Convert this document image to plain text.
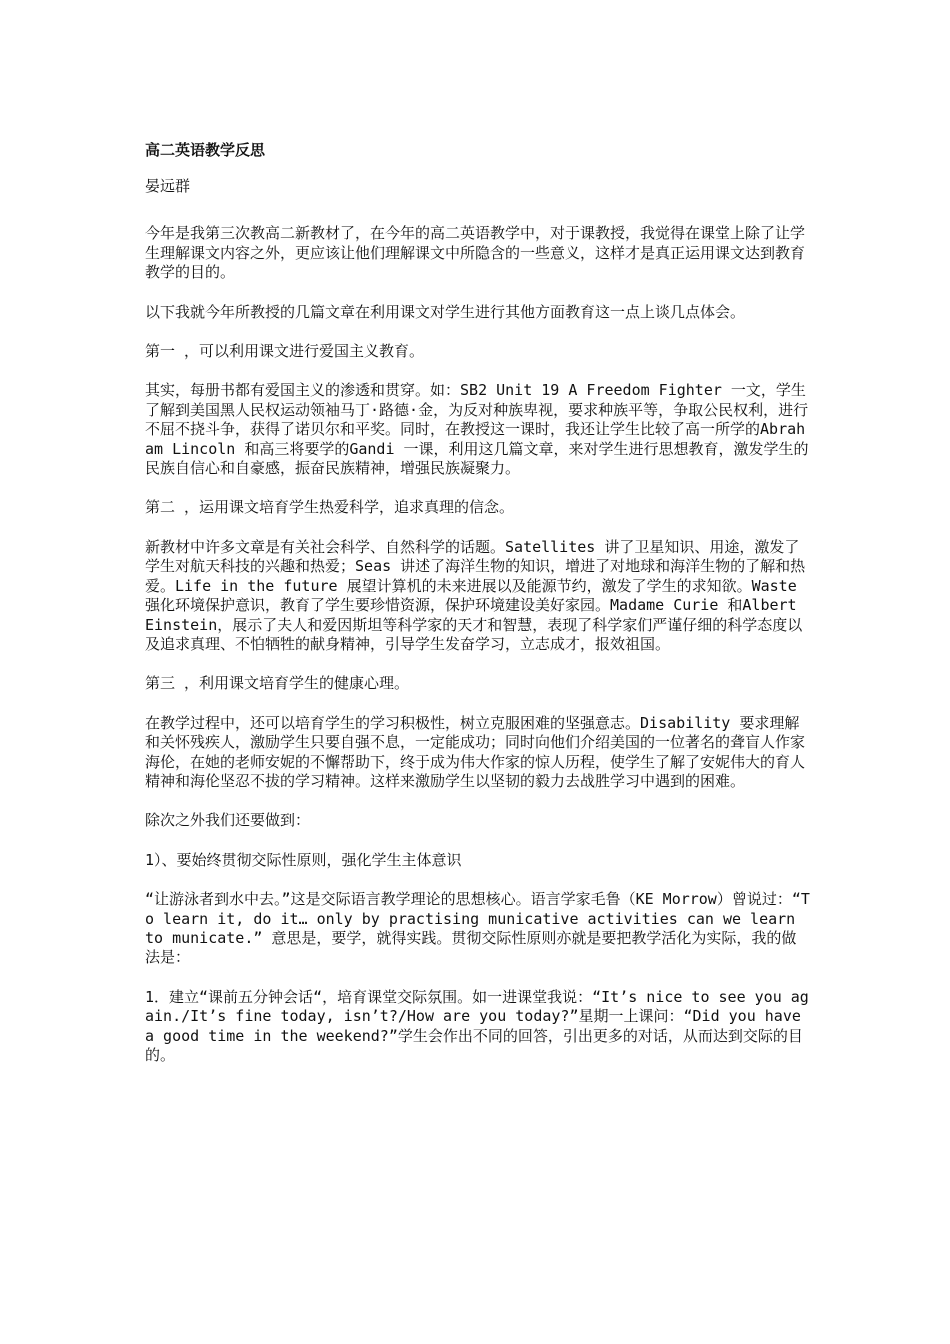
高二英语教学反思
晏远群
今年是我第三次教高二新教材了，在今年的高二英语教学中，对于课教授，我觉得在课堂上除了让学生理解课文内容之外，更应该让他们理解课文中所隐含的一些意义，这样才是真正运用课文达到教育教学的目的。
以下我就今年所教授的几篇文章在利用课文对学生进行其他方面教育这一点上谈几点体会。
第一 ，可以利用课文进行爱国主义教育。
其实，每册书都有爱国主义的渗透和贯穿。如：SB2 Unit 19 A Freedom Fighter 一文，学生了解到美国黑人民权运动领袖马丁·路德·金，为反对种族卑视，要求种族平等，争取公民权利，进行不屈不挠斗争，获得了诺贝尔和平奖。同时，在教授这一课时，我还让学生比较了高一所学的Abraham Lincoln 和高三将要学的Gandi 一课，利用这几篇文章，来对学生进行思想教育，激发学生的民族自信心和自豪感，振奋民族精神，增强民族凝聚力。
第二 ，运用课文培育学生热爱科学，追求真理的信念。
新教材中许多文章是有关社会科学、自然科学的话题。Satellites 讲了卫星知识、用途，激发了学生对航天科技的兴趣和热爱；Seas 讲述了海洋生物的知识，增进了对地球和海洋生物的了解和热爱。Life in the future 展望计算机的未来进展以及能源节约，激发了学生的求知欲。Waste 强化环境保护意识，教育了学生要珍惜资源，保护环境建设美好家园。Madame Curie 和Albert Einstein，展示了夫人和爱因斯坦等科学家的天才和智慧，表现了科学家们严谨仔细的科学态度以及追求真理、不怕牺牲的献身精神，引导学生发奋学习，立志成才，报效祖国。
第三 ，利用课文培育学生的健康心理。
在教学过程中，还可以培育学生的学习积极性，树立克服困难的坚强意志。Disability 要求理解和关怀残疾人，激励学生只要自强不息，一定能成功；同时向他们介绍美国的一位著名的聋盲人作家海伦，在她的老师安妮的不懈帮助下，终于成为伟大作家的惊人历程，使学生了解了安妮伟大的育人精神和海伦坚忍不拔的学习精神。这样来激励学生以坚韧的毅力去战胜学习中遇到的困难。
除次之外我们还要做到：
1）、要始终贯彻交际性原则，强化学生主体意识
“让游泳者到水中去。”这是交际语言教学理论的思想核心。语言学家毛鲁（KE Morrow）曾说过：“To learn it, do it… only by practising municative activities can we learn to municate.” 意思是，要学，就得实践。贯彻交际性原则亦就是要把教学活化为实际，我的做法是：
1．建立“课前五分钟会话“，培育课堂交际氛围。如一进课堂我说：“It’s nice to see you again./It’s fine today, isn’t?/How are you today?”星期一上课问：“Did you have a good time in the weekend?”学生会作出不同的回答，引出更多的对话，从而达到交际的目的。
